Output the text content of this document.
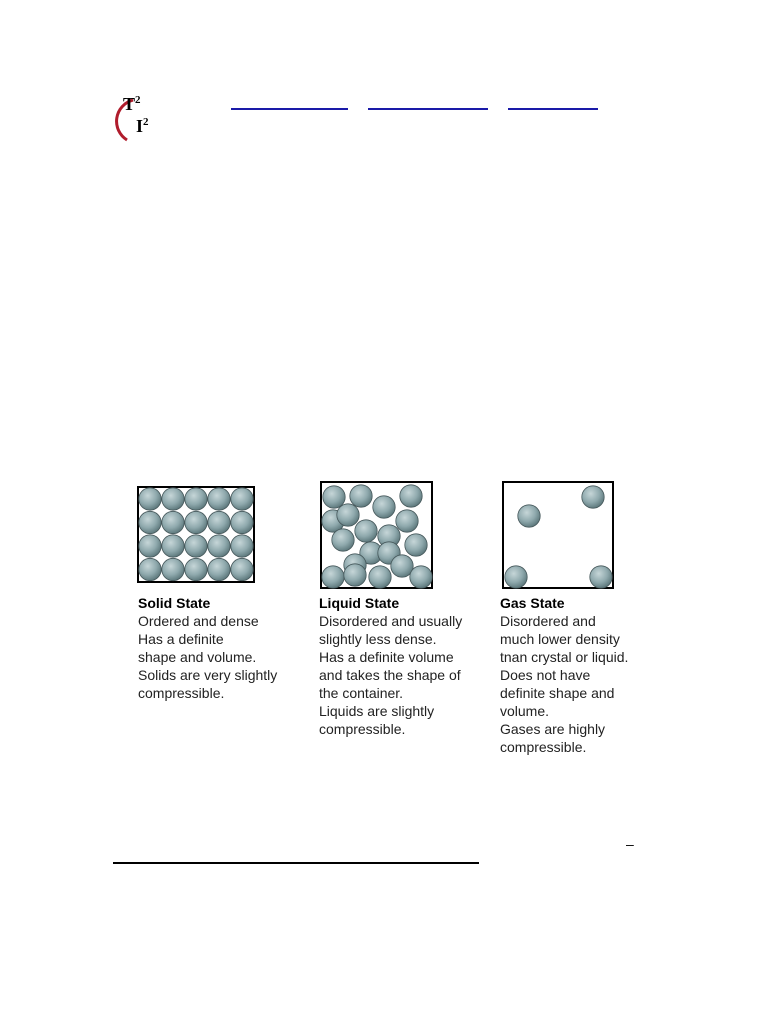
$T^2$
$I^2$
Solid State
Ordered and dense
Has a definite
shape and volume.
Solids are very slightly
compressible.
Liquid State
Disordered and usually
slightly less dense.
Has a definite volume
and takes the shape of
the container.
Liquids are slightly
compressible.
Gas State
Disordered and
much lower density
tnan crystal or liquid.
Does not have
definite shape and
volume.
Gases are highly
compressible.
–
